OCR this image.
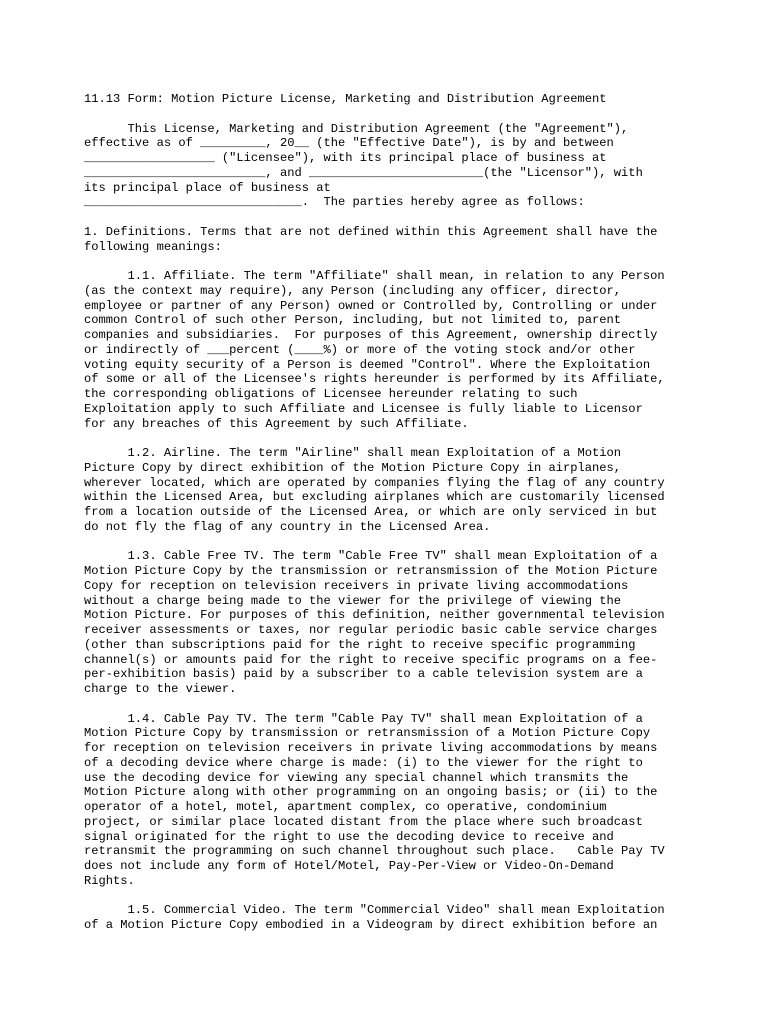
11.13 Form: Motion Picture License, Marketing and Distribution Agreement
This License, Marketing and Distribution Agreement (the "Agreement"),
effective as of _________, 20__ (the "Effective Date"), is by and between
__________________ ("Licensee"), with its principal place of business at
_________________________, and ________________________(the "Licensor"), with
its principal place of business at
______________________________.  The parties hereby agree as follows:
1. Definitions. Terms that are not defined within this Agreement shall have the
following meanings:
1.1. Affiliate. The term "Affiliate" shall mean, in relation to any Person
(as the context may require), any Person (including any officer, director,
employee or partner of any Person) owned or Controlled by, Controlling or under
common Control of such other Person, including, but not limited to, parent
companies and subsidiaries.  For purposes of this Agreement, ownership directly
or indirectly of ___percent (____%) or more of the voting stock and/or other
voting equity security of a Person is deemed "Control". Where the Exploitation
of some or all of the Licensee's rights hereunder is performed by its Affiliate,
the corresponding obligations of Licensee hereunder relating to such
Exploitation apply to such Affiliate and Licensee is fully liable to Licensor
for any breaches of this Agreement by such Affiliate.
1.2. Airline. The term "Airline" shall mean Exploitation of a Motion
Picture Copy by direct exhibition of the Motion Picture Copy in airplanes,
wherever located, which are operated by companies flying the flag of any country
within the Licensed Area, but excluding airplanes which are customarily licensed
from a location outside of the Licensed Area, or which are only serviced in but
do not fly the flag of any country in the Licensed Area.
1.3. Cable Free TV. The term "Cable Free TV" shall mean Exploitation of a
Motion Picture Copy by the transmission or retransmission of the Motion Picture
Copy for reception on television receivers in private living accommodations
without a charge being made to the viewer for the privilege of viewing the
Motion Picture. For purposes of this definition, neither governmental television
receiver assessments or taxes, nor regular periodic basic cable service charges
(other than subscriptions paid for the right to receive specific programming
channel(s) or amounts paid for the right to receive specific programs on a fee-
per-exhibition basis) paid by a subscriber to a cable television system are a
charge to the viewer.
1.4. Cable Pay TV. The term "Cable Pay TV" shall mean Exploitation of a
Motion Picture Copy by transmission or retransmission of a Motion Picture Copy
for reception on television receivers in private living accommodations by means
of a decoding device where charge is made: (i) to the viewer for the right to
use the decoding device for viewing any special channel which transmits the
Motion Picture along with other programming on an ongoing basis; or (ii) to the
operator of a hotel, motel, apartment complex, co operative, condominium
project, or similar place located distant from the place where such broadcast
signal originated for the right to use the decoding device to receive and
retransmit the programming on such channel throughout such place.   Cable Pay TV
does not include any form of Hotel/Motel, Pay-Per-View or Video-On-Demand
Rights.
1.5. Commercial Video. The term "Commercial Video" shall mean Exploitation
of a Motion Picture Copy embodied in a Videogram by direct exhibition before an
